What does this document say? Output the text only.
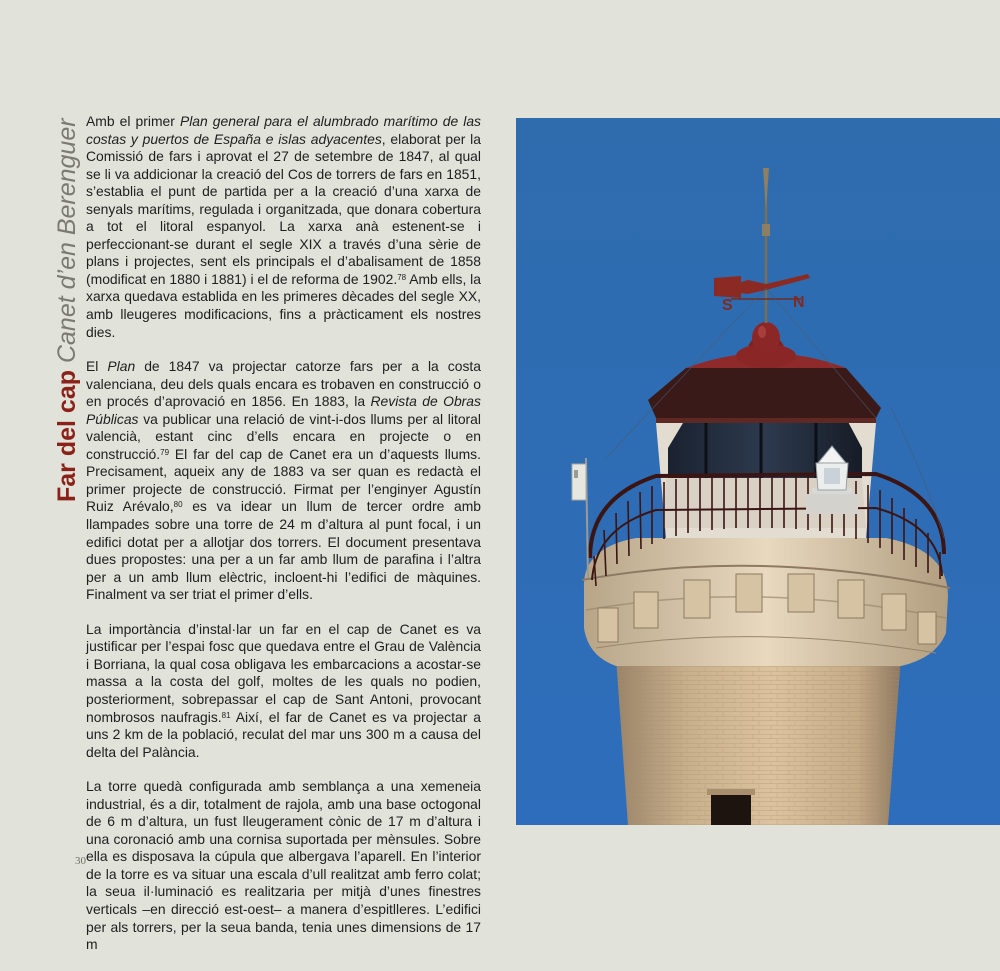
Far del cap Canet d’en Berenguer Amb el primer Plan general para el alumbrado marítimo de las costas y puertos de España e islas adyacentes, elaborat per la Comissió de fars i aprovat el 27 de setembre de 1847, al qual se li va addicionar la creació del Cos de torrers de fars en 1851, s’establia el punt de partida per a la creació d’una xarxa de senyals marítims, regulada i organitzada, que donara cobertura a tot el litoral espanyol. La xarxa anà estenent-se i perfeccionant-se durant el segle XIX a través d’una sèrie de plans i projectes, sent els principals el d’abalisament de 1858 (modificat en 1880 i 1881) i el de reforma de 1902.78 Amb ells, la xarxa quedava establida en les primeres dècades del segle XX, amb lleugeres modificacions, fins a pràcticament els nostres dies.

El Plan de 1847 va projectar catorze fars per a la costa valenciana, deu dels quals encara es trobaven en construcció o en procés d’aprovació en 1856. En 1883, la Revista de Obras Públicas va publicar una relació de vint-i-dos llums per al litoral valencià, estant cinc d’ells encara en projecte o en construcció.$^{79}$ El far del cap de Canet era un d’aquests llums. Precisament, aqueix any de 1883 va ser quan es redactà el primer projecte de construcció. Firmat per l’enginyer Agustín Ruiz Arévalo,$^{80}$ es va idear un llum de tercer ordre amb llampades sobre una torre de 24 m d’altura al punt focal, i un edifici dotat per a allotjar dos torrers. El document presentava dues propostes: una per a un far amb llum de parafina i l’altra per a un amb llum elèctric, incloent-hi l’edifici de màquines. Finalment va ser triat el primer d’ells.

La importància d’instal·lar un far en el cap de Canet es va justificar per l’espai fosc que quedava entre el Grau de València i Borriana, la qual cosa obligava les embarcacions a acostar-se massa a la costa del golf, moltes de les quals no podien, posteriorment, sobrepassar el cap de Sant Antoni, provocant nombrosos naufragis.$^{81}$ Així, el far de Canet es va projectar a uns 2 km de la població, reculat del mar uns 300 m a causa del delta del Palància.

La torre quedà configurada amb semblança a una xemeneia industrial, és a dir, totalment de rajola, amb una base octogonal de 6 m d’altura, un fust lleugerament cònic de 17 m d’altura i una coronació amb una cornisa suportada per mènsules. Sobre ella es disposava la cúpula que albergava l’aparell. En l’interior de la torre es va situar una escala d’ull realitzat amb ferro colat; la seua il·luminació es realitzaria per mitjà d’unes finestres verticals –en direcció est-oest– a manera d’espitlleres. L’edifici per als torrers, per la seua banda, tenia unes dimensions de 17 m

30
S	N
